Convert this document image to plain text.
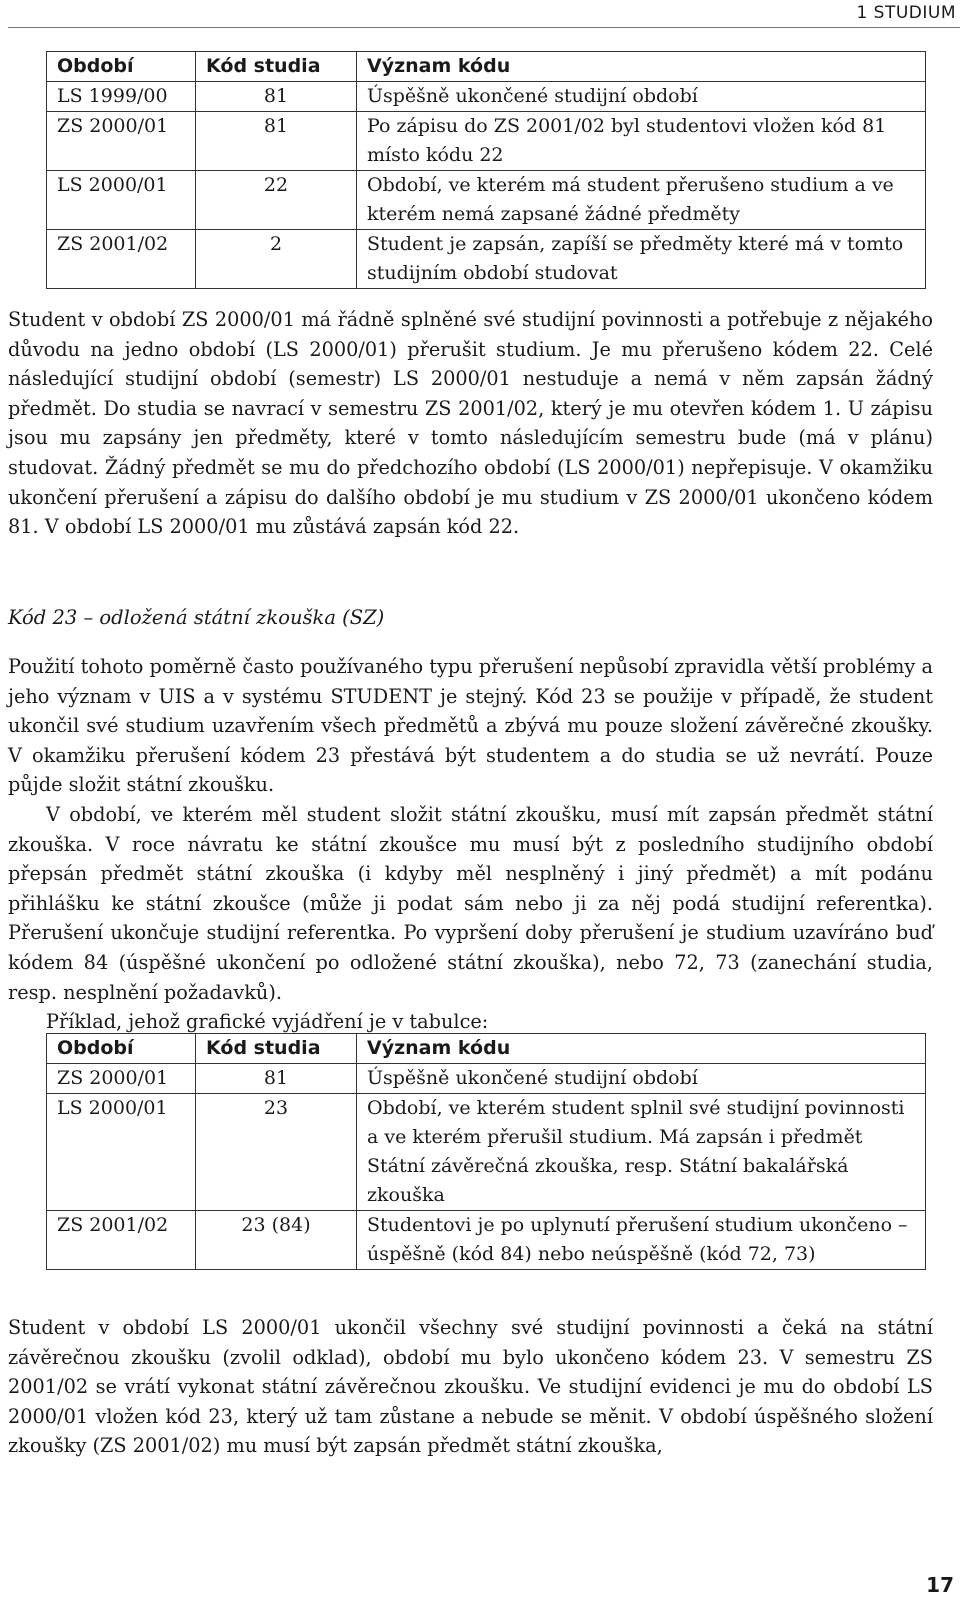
1 STUDIUM
Období	Kód studia	Význam kódu
LS 1999/00	81	Úspěšně ukončené studijní období
ZS 2000/01	81	Po zápisu do ZS 2001/02 byl studentovi vložen kód 81 místo kódu 22
LS 2000/01	22	Období, ve kterém má student přerušeno studium a ve kterém nemá zapsané žádné předměty
ZS 2001/02	2	Student je zapsán, zapíší se předměty které má v tomto studijním období studovat

Student v období ZS 2000/01 má řádně splněné své studijní povinnosti a potřebuje z nějakého důvodu na jedno období (LS 2000/01) přerušit studium. Je mu přerušeno kódem 22. Celé následující studijní období (semestr) LS 2000/01 nestuduje a nemá v něm zapsán žádný předmět. Do studia se navrací v semestru ZS 2001/02, který je mu otevřen kódem 1. U zápisu jsou mu zapsány jen předměty, které v tomto následujícím semestru bude (má v plánu) studovat. Žádný předmět se mu do předchozího období (LS 2000/01) nepřepisuje. V okamžiku ukončení přerušení a zápisu do dalšího období je mu studium v ZS 2000/01 ukončeno kódem 81. V období LS 2000/01 mu zůstává zapsán kód 22.

Kód 23 – odložená státní zkouška (SZ)
Použití tohoto poměrně často používaného typu přerušení nepůsobí zpravidla větší problémy a jeho význam v UIS a v systému STUDENT je stejný. Kód 23 se použije v případě, že student ukončil své studium uzavřením všech předmětů a zbývá mu pouze složení závěrečné zkoušky. V okamžiku přerušení kódem 23 přestává být studentem a do studia se už nevrátí. Pouze půjde složit státní zkoušku.
V období, ve kterém měl student složit státní zkoušku, musí mít zapsán předmět státní zkouška. V roce návratu ke státní zkoušce mu musí být z posledního studijního období přepsán předmět státní zkouška (i kdyby měl nesplněný i jiný předmět) a mít podánu přihlášku ke státní zkoušce (může ji podat sám nebo ji za něj podá studijní referentka). Přerušení ukončuje studijní referentka. Po vypršení doby přerušení je studium uzavíráno buď kódem 84 (úspěšné ukončení po odložené státní zkouška), nebo 72, 73 (zanechání studia, resp. nesplnění požadavků).
Příklad, jehož grafické vyjádření je v tabulce:
Období	Kód studia	Význam kódu
ZS 2000/01	81	Úspěšně ukončené studijní období
LS 2000/01	23	Období, ve kterém student splnil své studijní povinnosti a ve kterém přerušil studium. Má zapsán i předmět Státní závěrečná zkouška, resp. Státní bakalářská zkouška
ZS 2001/02	23 (84)	Studentovi je po uplynutí přerušení studium ukončeno – úspěšně (kód 84) nebo neúspěšně (kód 72, 73)

Student v období LS 2000/01 ukončil všechny své studijní povinnosti a čeká na státní závěrečnou zkoušku (zvolil odklad), období mu bylo ukončeno kódem 23. V semestru ZS 2001/02 se vrátí vykonat státní závěrečnou zkoušku. Ve studijní evidenci je mu do období LS 2000/01 vložen kód 23, který už tam zůstane a nebude se měnit. V období úspěšného složení zkoušky (ZS 2001/02) mu musí být zapsán předmět státní zkouška,

17
